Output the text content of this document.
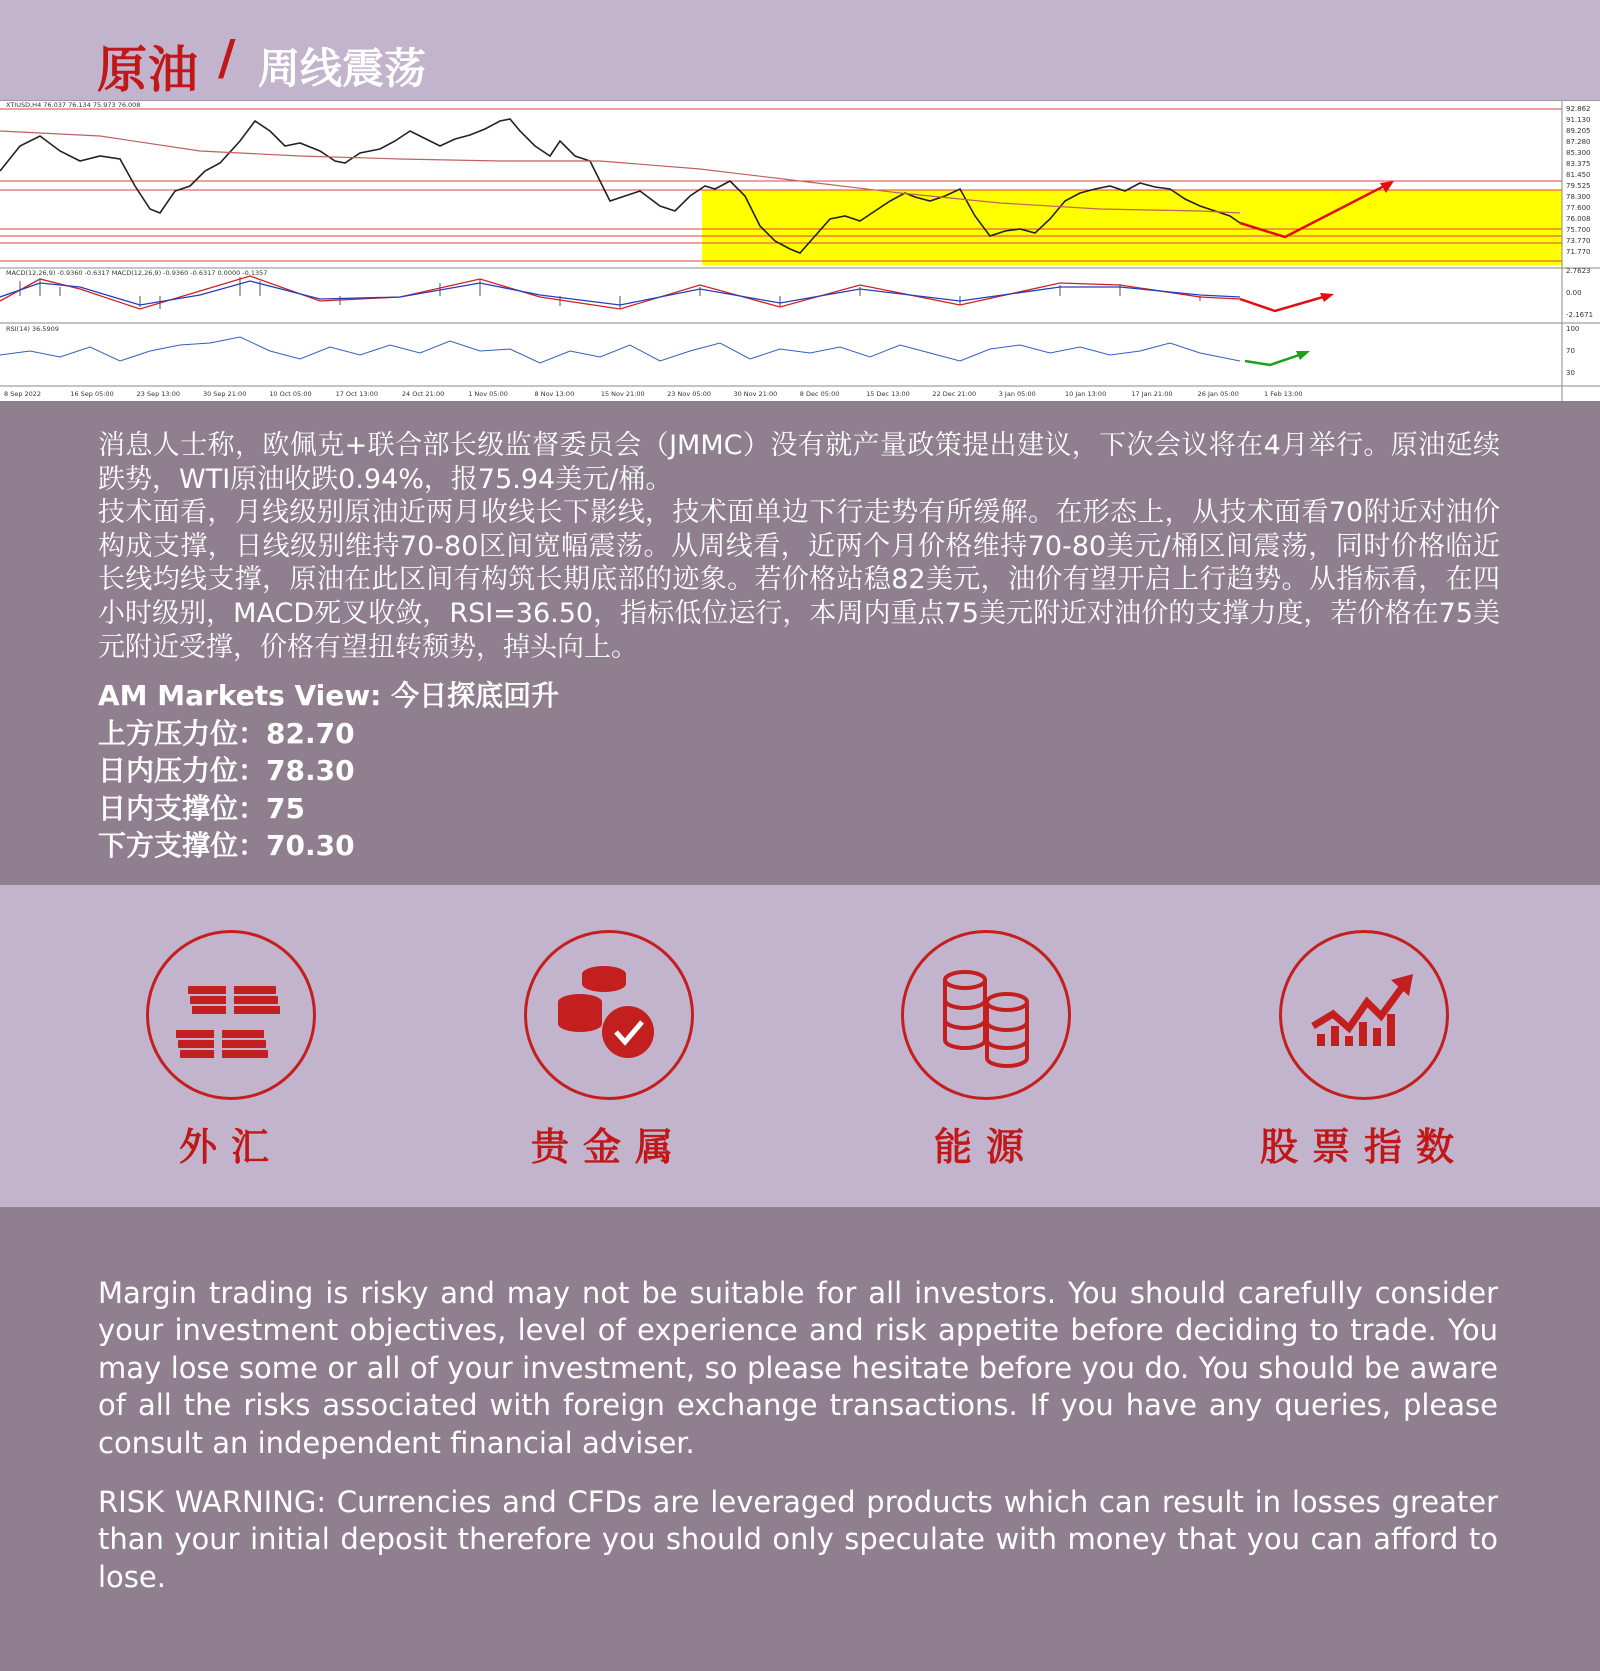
原油 / 周线震荡
XTIUSD,H4 76.037 76.134 75.973 76.008
MACD(12,26,9) -0.9360 -0.6317 MACD(12,26,9) -0.9360 -0.6317 0.0000 -0.1357
RSI(14) 36.5909
92.862
91.130
89.205
87.280
85.300
83.375
81.450
79.525
78.300
77.600
76.008
75.700
73.770
71.770
2.7623
0.00
-2.1671
100
70
30
8 Sep 2022	16 Sep 05:00	23 Sep 13:00	30 Sep 21:00	10 Oct 05:00	17 Oct 13:00	24 Oct 21:00	1 Nov 05:00	8 Nov 13:00	15 Nov 21:00	23 Nov 05:00	30 Nov 21:00	8 Dec 05:00	15 Dec 13:00	22 Dec 21:00	3 Jan 05:00	10 Jan 13:00	17 Jan 21:00	26 Jan 05:00	1 Feb 13:00

消息人士称，欧佩克+联合部长级监督委员会（JMMC）没有就产量政策提出建议，下次会议将在4月举行。原油延续跌势，WTI原油收跌0.94%，报75.94美元/桶。

技术面看，月线级别原油近两月收线长下影线，技术面单边下行走势有所缓解。在形态上，从技术面看70附近对油价构成支撑，日线级别维持70-80区间宽幅震荡。从周线看，近两个月价格维持70-80美元/桶区间震荡，同时价格临近长线均线支撑，原油在此区间有构筑长期底部的迹象。若价格站稳82美元，油价有望开启上行趋势。从指标看，在四小时级别，MACD死叉收敛，RSI=36.50，指标低位运行，本周内重点75美元附近对油价的支撑力度，若价格在75美元附近受撑，价格有望扭转颓势，掉头向上。

AM Markets View: 今日探底回升
上方压力位：82.70
日内压力位：78.30
日内支撑位：75
下方支撑位：70.30
外汇	贵金属	能源	股票指数

Margin trading is risky and may not be suitable for all investors. You should carefully consider your investment objectives, level of experience and risk appetite before deciding to trade. You may lose some or all of your investment, so please hesitate before you do. You should be aware of all the risks associated with foreign exchange transactions. If you have any queries, please consult an independent financial adviser.

RISK WARNING: Currencies and CFDs are leveraged products which can result in losses greater than your initial deposit therefore you should only speculate with money that you can afford to lose.
